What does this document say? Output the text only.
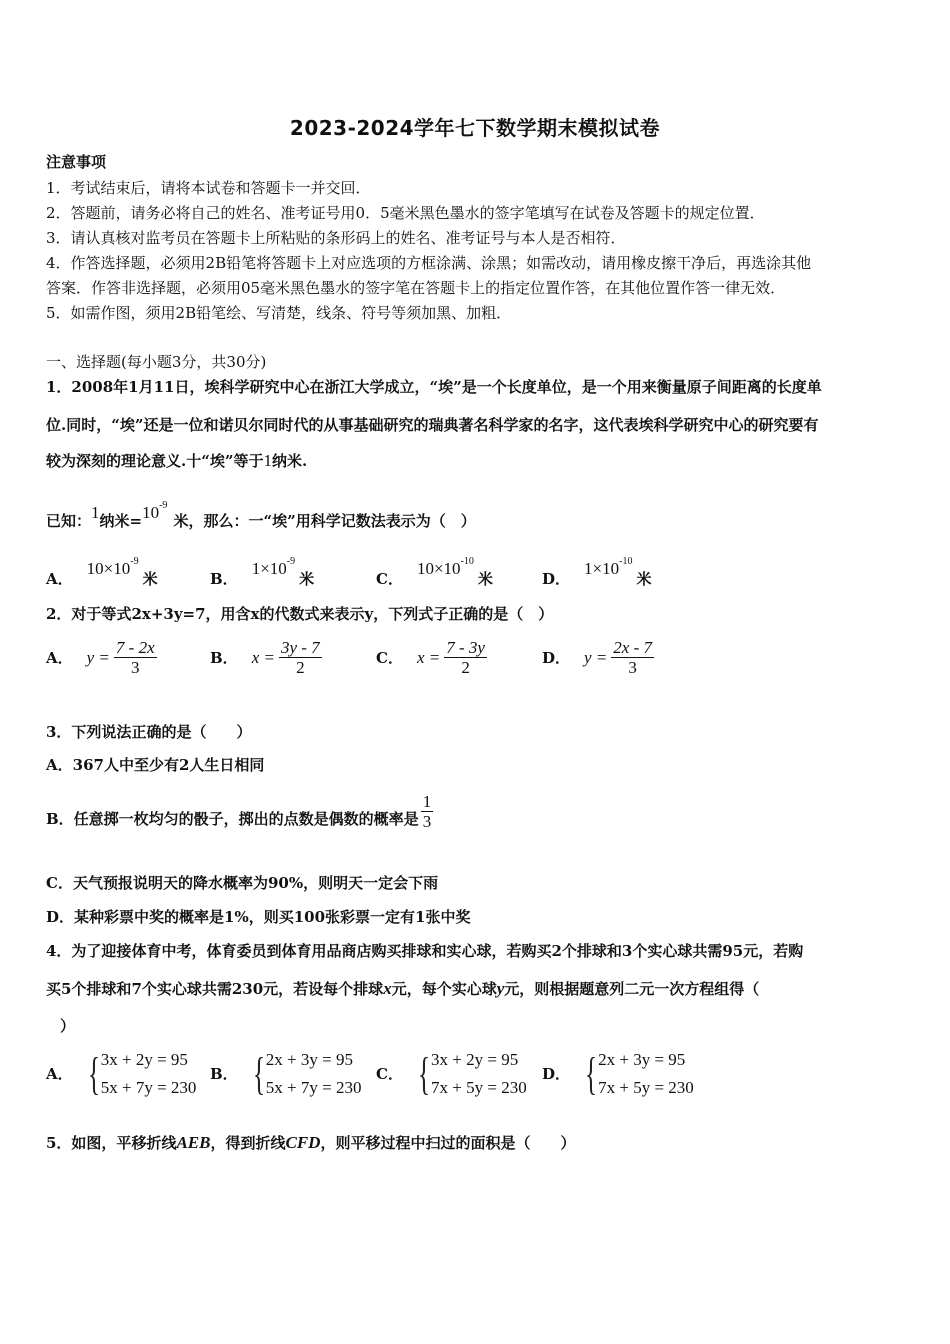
2023-2024学年七下数学期末模拟试卷
注意事项
1．考试结束后，请将本试卷和答题卡一并交回．
2．答题前，请务必将自己的姓名、准考证号用0．5毫米黑色墨水的签字笔填写在试卷及答题卡的规定位置．
3．请认真核对监考员在答题卡上所粘贴的条形码上的姓名、准考证号与本人是否相符．
4．作答选择题，必须用2B铅笔将答题卡上对应选项的方框涂满、涂黑；如需改动，请用橡皮擦干净后，再选涂其他
答案．作答非选择题，必须用05毫米黑色墨水的签字笔在答题卡上的指定位置作答，在其他位置作答一律无效．
5．如需作图，须用2B铅笔绘、写清楚，线条、符号等须加黑、加粗．
一、选择题(每小题3分，共30分)
1．2008年1月11日，埃科学研究中心在浙江大学成立，“埃”是一个长度单位，是一个用来衡量原子间距离的长度单
位.同时，“埃”还是一位和诺贝尔同时代的从事基础研究的瑞典著名科学家的名字，这代表埃科学研究中心的研究要有
较为深刻的理论意义.十“埃”等于1纳米.
已知：1纳米$=10^{-9}$米，那么：一“埃”用科学记数法表示为（　）
A．$10\times 10^{-9}$米	B．$1\times 10^{-9}$米	C．$10\times 10^{-10}$米	D．$1\times 10^{-10}$米
2．对于等式2x+3y=7，用含x的代数式来表示y，下列式子正确的是（　）
A． $y = \frac{7 - 2x}{3}$	B． $x = \frac{3y - 7}{2}$	C． $x = \frac{7 - 3y}{2}$	D． $y = \frac{2x - 7}{3}$
3．下列说法正确的是（　　）
A．367人中至少有2人生日相同
B．任意掷一枚均匀的骰子，掷出的点数是偶数的概率是 $\frac{1}{3}$
C．天气预报说明天的降水概率为90%，则明天一定会下雨
D．某种彩票中奖的概率是1%，则买100张彩票一定有1张中奖
4．为了迎接体育中考，体育委员到体育用品商店购买排球和实心球，若购买2个排球和3个实心球共需95元，若购
买5个排球和7个实心球共需230元，若设每个排球x元，每个实心球y元，则根据题意列二元一次方程组得（
）
A． { 3x + 2y = 95
5x + 7y = 230
B． { 2x + 3y = 95
5x + 7y = 230
C． { 3x + 2y = 95
7x + 5y = 230
D． { 2x + 3y = 95
7x + 5y = 230
5．如图，平移折线AEB，得到折线CFD，则平移过程中扫过的面积是（　　）
